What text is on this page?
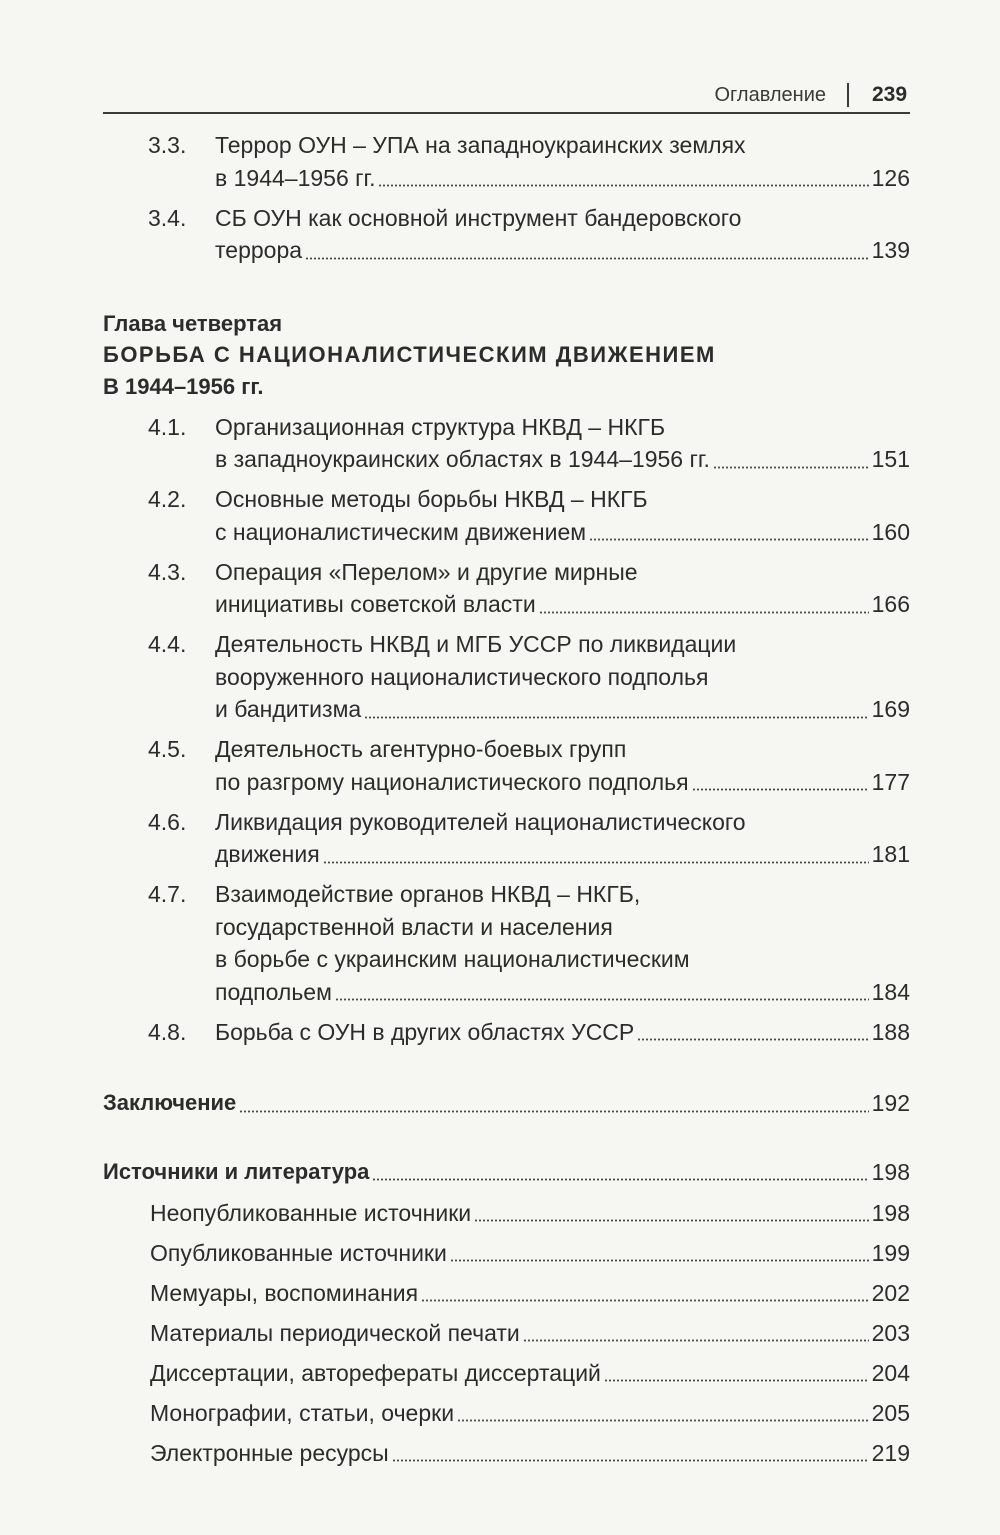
Оглавление 239
3.3. Террор ОУН – УПА на западноукраинских землях
в 1944–1956 гг.	126
3.4. СБ ОУН как основной инструмент бандеровского
террора	139
Глава четвертая
БОРЬБА С НАЦИОНАЛИСТИЧЕСКИМ ДВИЖЕНИЕМ
В 1944–1956 гг.
4.1. Организационная структура НКВД – НКГБ
в западноукраинских областях в 1944–1956 гг.	151
4.2. Основные методы борьбы НКВД – НКГБ
с националистическим движением	160
4.3. Операция «Перелом» и другие мирные
инициативы советской власти	166
4.4. Деятельность НКВД и МГБ УССР по ликвидации
вооруженного националистического подполья
и бандитизма	169
4.5. Деятельность агентурно-боевых групп
по разгрому националистического подполья	177
4.6. Ликвидация руководителей националистического
движения	181
4.7. Взаимодействие органов НКВД – НКГБ,
государственной власти и населения
в борьбе с украинским националистическим
подпольем	184
4.8. Борьба с ОУН в других областях УССР	188
Заключение	192
Источники и литература	198
Неопубликованные источники	198
Опубликованные источники	199
Мемуары, воспоминания	202
Материалы периодической печати	203
Диссертации, авторефераты диссертаций	204
Монографии, статьи, очерки	205
Электронные ресурсы	219
